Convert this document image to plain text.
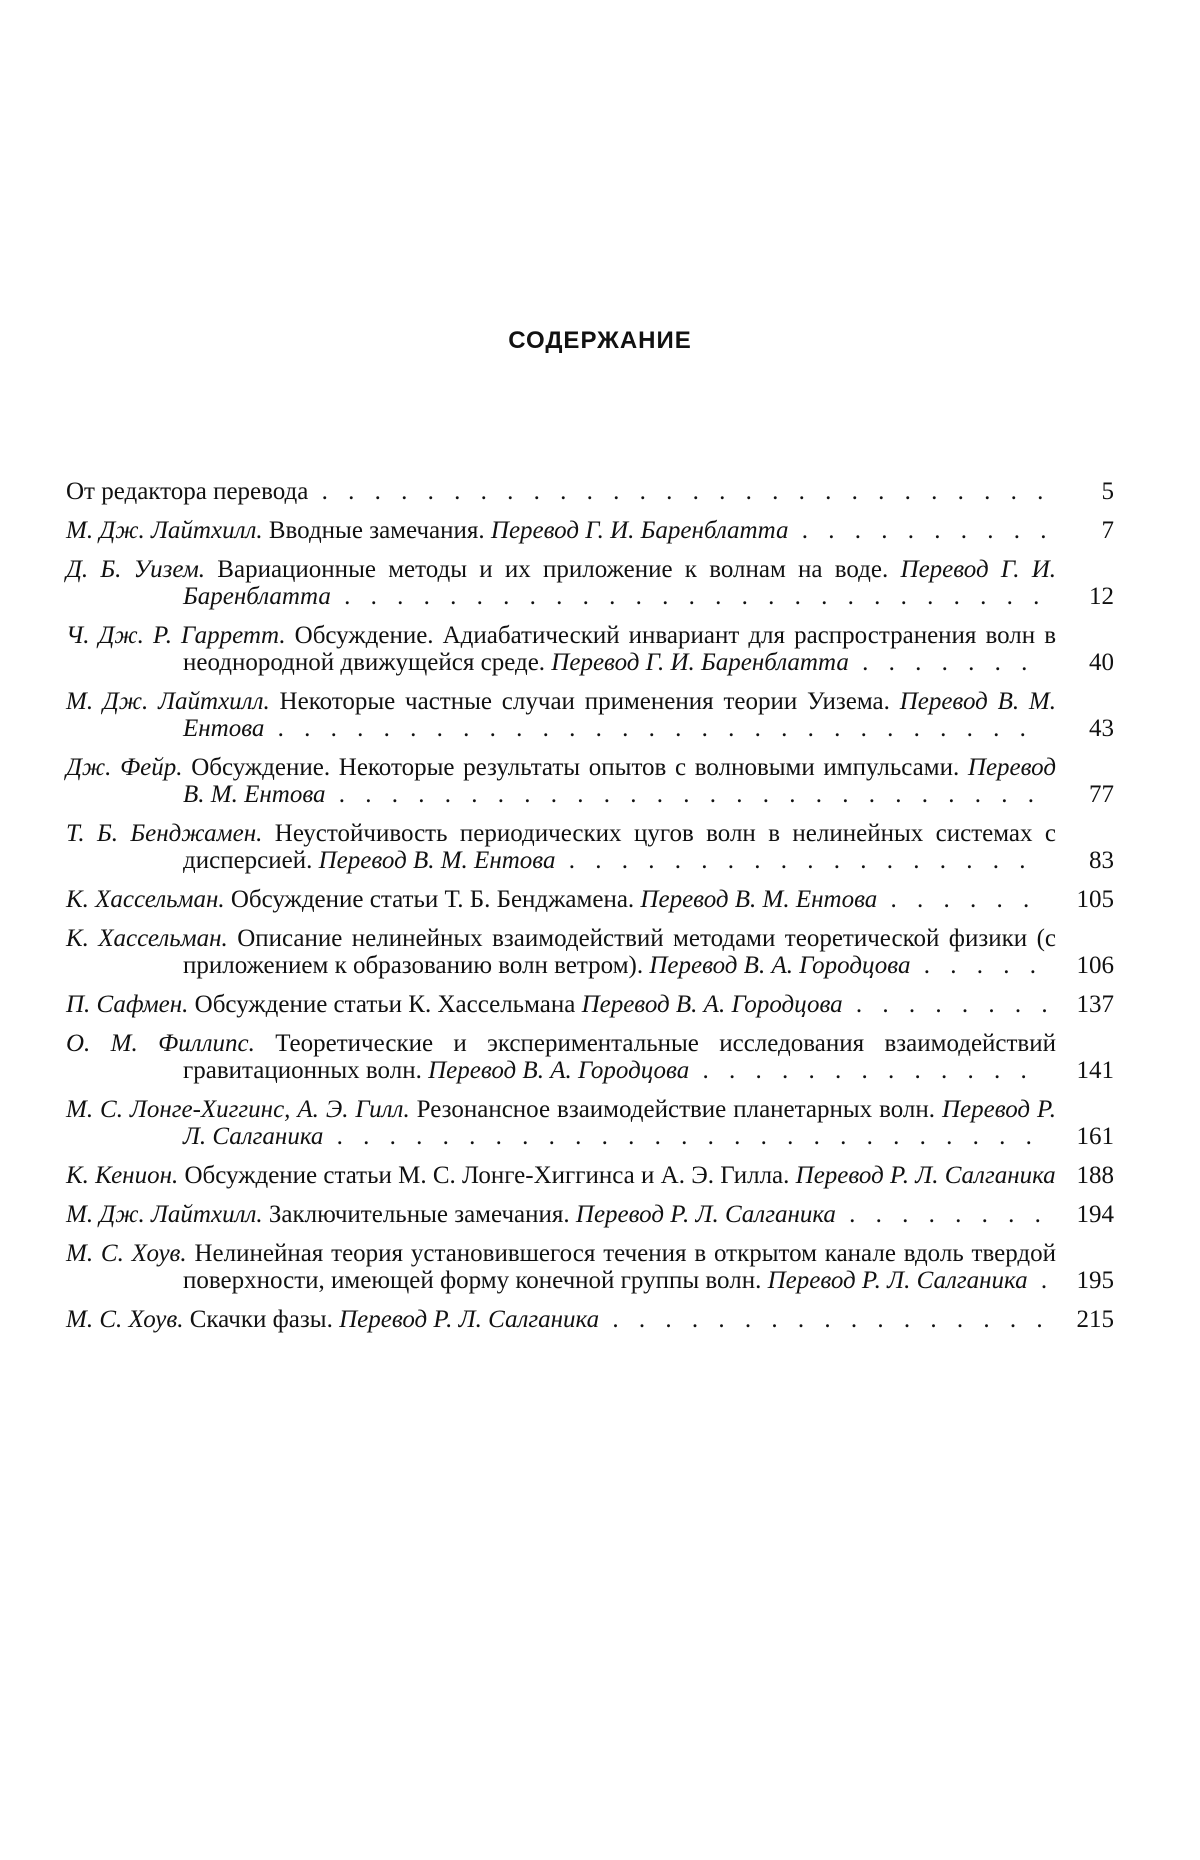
СОДЕРЖАНИЕ
От редактора перевода . . . . . . . . . . . . . . . . . . . . . . . . . . . .	5
М. Дж. Лайтхилл. Вводные замечания. Перевод Г. И. Баренблатта . . . . . . . . . .	7
Д. Б. Уизем. Вариационные методы и их приложение к волнам на воде. Перевод Г. И. Баренблатта . . . . . . . . . . . . . . . . . . . . . . . . . . .	12
Ч. Дж. Р. Гарретт. Обсуждение. Адиабатический инвариант для распространения волн в неоднородной движущейся среде. Перевод Г. И. Баренблатта . . . . . . .	40
М. Дж. Лайтхилл. Некоторые частные случаи применения теории Уизема. Перевод В. М. Ентова . . . . . . . . . . . . . . . . . . . . . . . . . . . . .	43
Дж. Фейр. Обсуждение. Некоторые результаты опытов с волновыми импульсами. Перевод В. М. Ентова . . . . . . . . . . . . . . . . . . . . . . . . . . .	77
Т. Б. Бенджамен. Неустойчивость периодических цугов волн в нелинейных системах с дисперсией. Перевод В. М. Ентова . . . . . . . . . . . . . . . . . .	83
К. Хассельман. Обсуждение статьи Т. Б. Бенджамена. Перевод В. М. Ентова . . . . . .	105
К. Хассельман. Описание нелинейных взаимодействий методами теоретической физики (с приложением к образованию волн ветром). Перевод В. А. Городцова . . . . .	106
П. Сафмен. Обсуждение статьи К. Хассельмана Перевод В. А. Городцова . . . . . . . . 137
О. М. Филлипс. Теоретические и экспериментальные исследования взаимодействий гравитационных волн. Перевод В. А. Городцова . . . . . . . . . . . . .	141
М. С. Лонге-Хиггинс, А. Э. Гилл. Резонансное взаимодействие планетарных волн. Перевод Р. Л. Салганика . . . . . . . . . . . . . . . . . . . . . . . . . . .	161
К. Кенион. Обсуждение статьи М. С. Лонге-Хиггинса и А. Э. Гилла. Перевод Р. Л. Салганика 188
М. Дж. Лайтхилл. Заключительные замечания. Перевод Р. Л. Салганика . . . . . . . .	194
М. С. Хоув. Нелинейная теория установившегося течения в открытом канале вдоль твердой поверхности, имеющей форму конечной группы волн. Перевод Р. Л. Салганика . 195
М. С. Хоув. Скачки фазы. Перевод Р. Л. Салганика . . . . . . . . . . . . . . . . .	215
